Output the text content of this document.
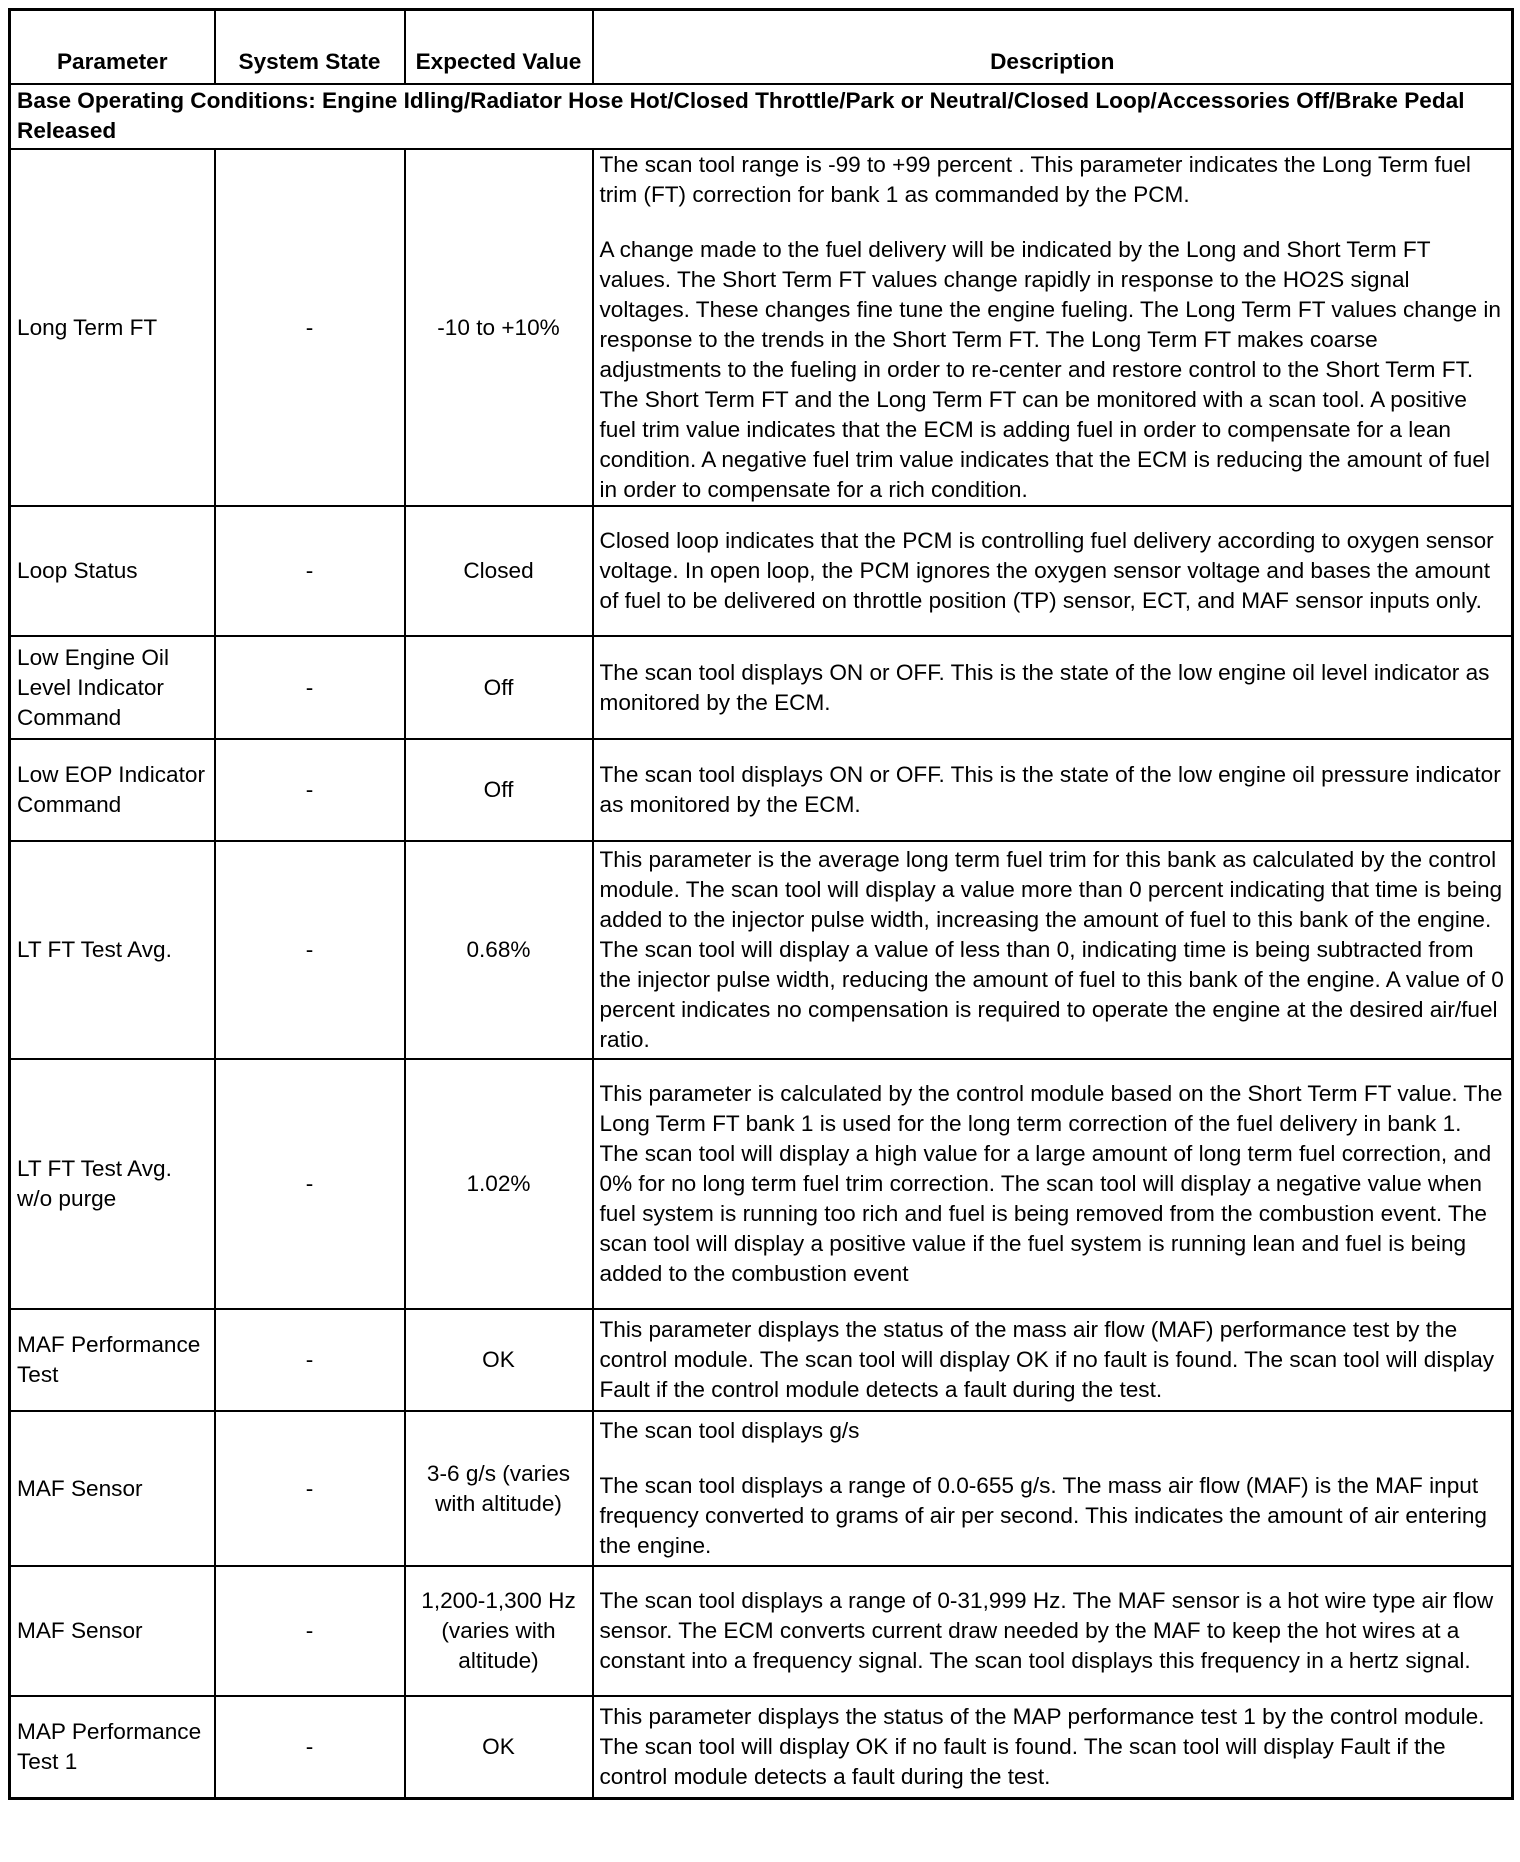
Parameter	System State	Expected Value	Description
Base Operating Conditions: Engine Idling/Radiator Hose Hot/Closed Throttle/Park or Neutral/Closed Loop/Accessories Off/Brake Pedal Released			
Long Term FT	-	-10 to +10%	The scan tool range is -99 to +99 percent . This parameter indicates the Long Term fuel trim (FT) correction for bank 1 as commanded by the PCM.

A change made to the fuel delivery will be indicated by the Long and Short Term FT values. The Short Term FT values change rapidly in response to the HO2S signal voltages. These changes fine tune the engine fueling. The Long Term FT values change in response to the trends in the Short Term FT. The Long Term FT makes coarse adjustments to the fueling in order to re-center and restore control to the Short Term FT. The Short Term FT and the Long Term FT can be monitored with a scan tool. A positive fuel trim value indicates that the ECM is adding fuel in order to compensate for a lean condition. A negative fuel trim value indicates that the ECM is reducing the amount of fuel in order to compensate for a rich condition.

Loop Status	-	Closed	Closed loop indicates that the PCM is controlling fuel delivery according to oxygen sensor voltage. In open loop, the PCM ignores the oxygen sensor voltage and bases the amount of fuel to be delivered on throttle position (TP) sensor, ECT, and MAF sensor inputs only.

Low Engine Oil Level Indicator Command	-	Off	The scan tool displays ON or OFF. This is the state of the low engine oil level indicator as monitored by the ECM.

Low EOP Indicator Command	-	Off	The scan tool displays ON or OFF. This is the state of the low engine oil pressure indicator as monitored by the ECM.

LT FT Test Avg.	-	0.68%	This parameter is the average long term fuel trim for this bank as calculated by the control module. The scan tool will display a value more than 0 percent indicating that time is being added to the injector pulse width, increasing the amount of fuel to this bank of the engine. The scan tool will display a value of less than 0, indicating time is being subtracted from the injector pulse width, reducing the amount of fuel to this bank of the engine. A value of 0 percent indicates no compensation is required to operate the engine at the desired air/fuel ratio.

LT FT Test Avg. w/o purge	-	1.02%	This parameter is calculated by the control module based on the Short Term FT value. The Long Term FT bank 1 is used for the long term correction of the fuel delivery in bank 1. The scan tool will display a high value for a large amount of long term fuel correction, and 0% for no long term fuel trim correction. The scan tool will display a negative value when fuel system is running too rich and fuel is being removed from the combustion event. The scan tool will display a positive value if the fuel system is running lean and fuel is being added to the combustion event

MAF Performance Test	-	OK	This parameter displays the status of the mass air flow (MAF) performance test by the control module. The scan tool will display OK if no fault is found. The scan tool will display Fault if the control module detects a fault during the test.

MAF Sensor	-	3-6 g/s (varies with altitude)	The scan tool displays g/s

The scan tool displays a range of 0.0-655 g/s. The mass air flow (MAF) is the MAF input frequency converted to grams of air per second. This indicates the amount of air entering the engine.

MAF Sensor	-	1,200-1,300 Hz (varies with altitude)	The scan tool displays a range of 0-31,999 Hz. The MAF sensor is a hot wire type air flow sensor. The ECM converts current draw needed by the MAF to keep the hot wires at a constant into a frequency signal. The scan tool displays this frequency in a hertz signal.

MAP Performance Test 1	-	OK	This parameter displays the status of the MAP performance test 1 by the control module. The scan tool will display OK if no fault is found. The scan tool will display Fault if the control module detects a fault during the test.
